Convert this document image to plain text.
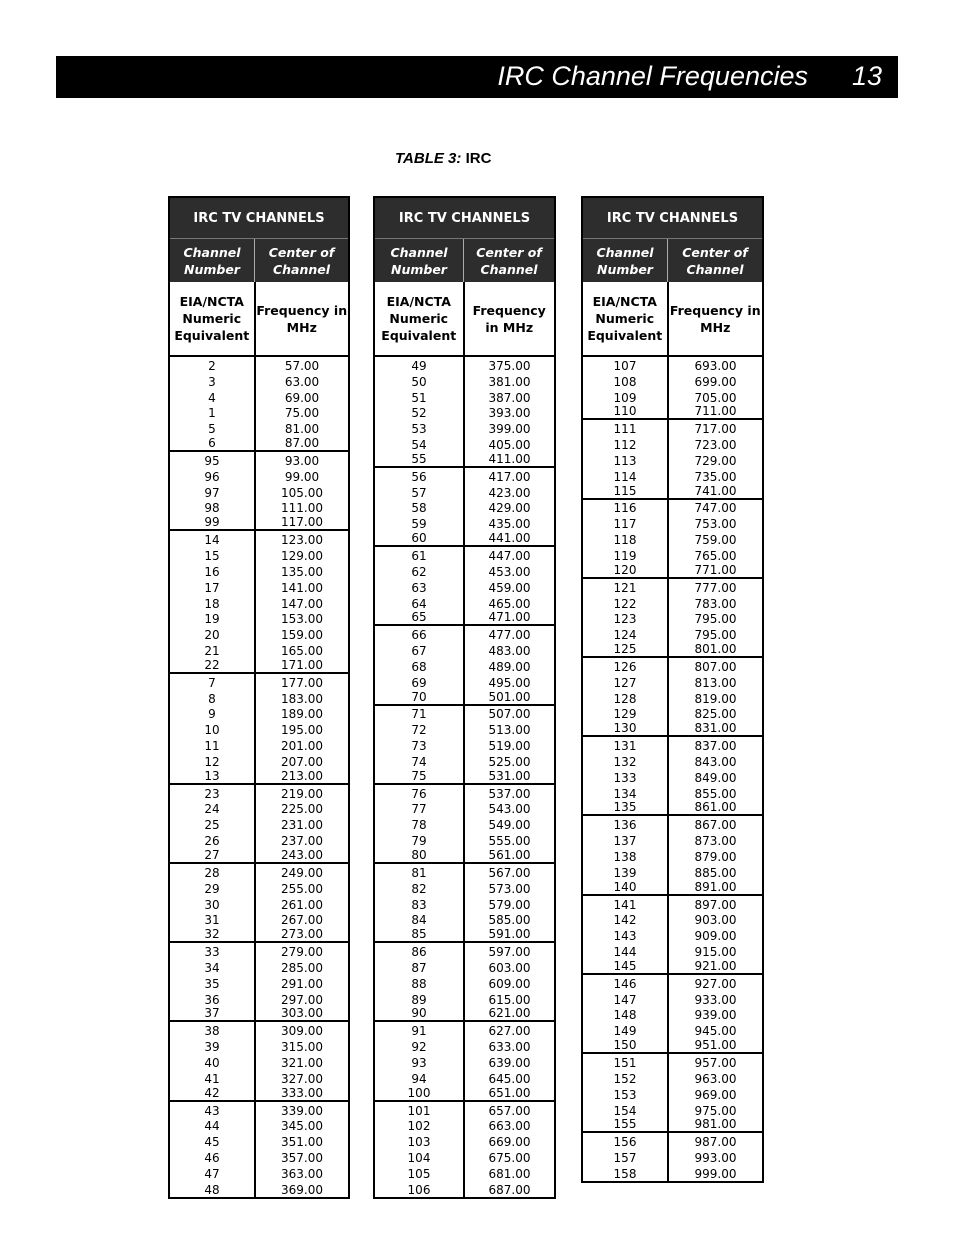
IRC Channel Frequencies 13
TABLE 3: IRC
IRC TV CHANNELS
Channel Number
Center of Channel
EIA/NCTA Numeric Equivalent
Frequency in MHz
2	57.00
3	63.00
4	69.00
1	75.00
5	81.00
6	87.00
95	93.00
96	99.00
97	105.00
98	111.00
99	117.00
14	123.00
15	129.00
16	135.00
17	141.00
18	147.00
19	153.00
20	159.00
21	165.00
22	171.00
7	177.00
8	183.00
9	189.00
10	195.00
11	201.00
12	207.00
13	213.00
23	219.00
24	225.00
25	231.00
26	237.00
27	243.00
28	249.00
29	255.00
30	261.00
31	267.00
32	273.00
33	279.00
34	285.00
35	291.00
36	297.00
37	303.00
38	309.00
39	315.00
40	321.00
41	327.00
42	333.00
43	339.00
44	345.00
45	351.00
46	357.00
47	363.00
48	369.00
IRC TV CHANNELS
Channel Number
Center of Channel
EIA/NCTA Numeric Equivalent
Frequency in MHz
49	375.00
50	381.00
51	387.00
52	393.00
53	399.00
54	405.00
55	411.00
56	417.00
57	423.00
58	429.00
59	435.00
60	441.00
61	447.00
62	453.00
63	459.00
64	465.00
65	471.00
66	477.00
67	483.00
68	489.00
69	495.00
70	501.00
71	507.00
72	513.00
73	519.00
74	525.00
75	531.00
76	537.00
77	543.00
78	549.00
79	555.00
80	561.00
81	567.00
82	573.00
83	579.00
84	585.00
85	591.00
86	597.00
87	603.00
88	609.00
89	615.00
90	621.00
91	627.00
92	633.00
93	639.00
94	645.00
100	651.00
101	657.00
102	663.00
103	669.00
104	675.00
105	681.00
106	687.00
IRC TV CHANNELS
Channel Number
Center of Channel
EIA/NCTA Numeric Equivalent
Frequency in MHz
107	693.00
108	699.00
109	705.00
110	711.00
111	717.00
112	723.00
113	729.00
114	735.00
115	741.00
116	747.00
117	753.00
118	759.00
119	765.00
120	771.00
121	777.00
122	783.00
123	795.00
124	795.00
125	801.00
126	807.00
127	813.00
128	819.00
129	825.00
130	831.00
131	837.00
132	843.00
133	849.00
134	855.00
135	861.00
136	867.00
137	873.00
138	879.00
139	885.00
140	891.00
141	897.00
142	903.00
143	909.00
144	915.00
145	921.00
146	927.00
147	933.00
148	939.00
149	945.00
150	951.00
151	957.00
152	963.00
153	969.00
154	975.00
155	981.00
156	987.00
157	993.00
158	999.00
